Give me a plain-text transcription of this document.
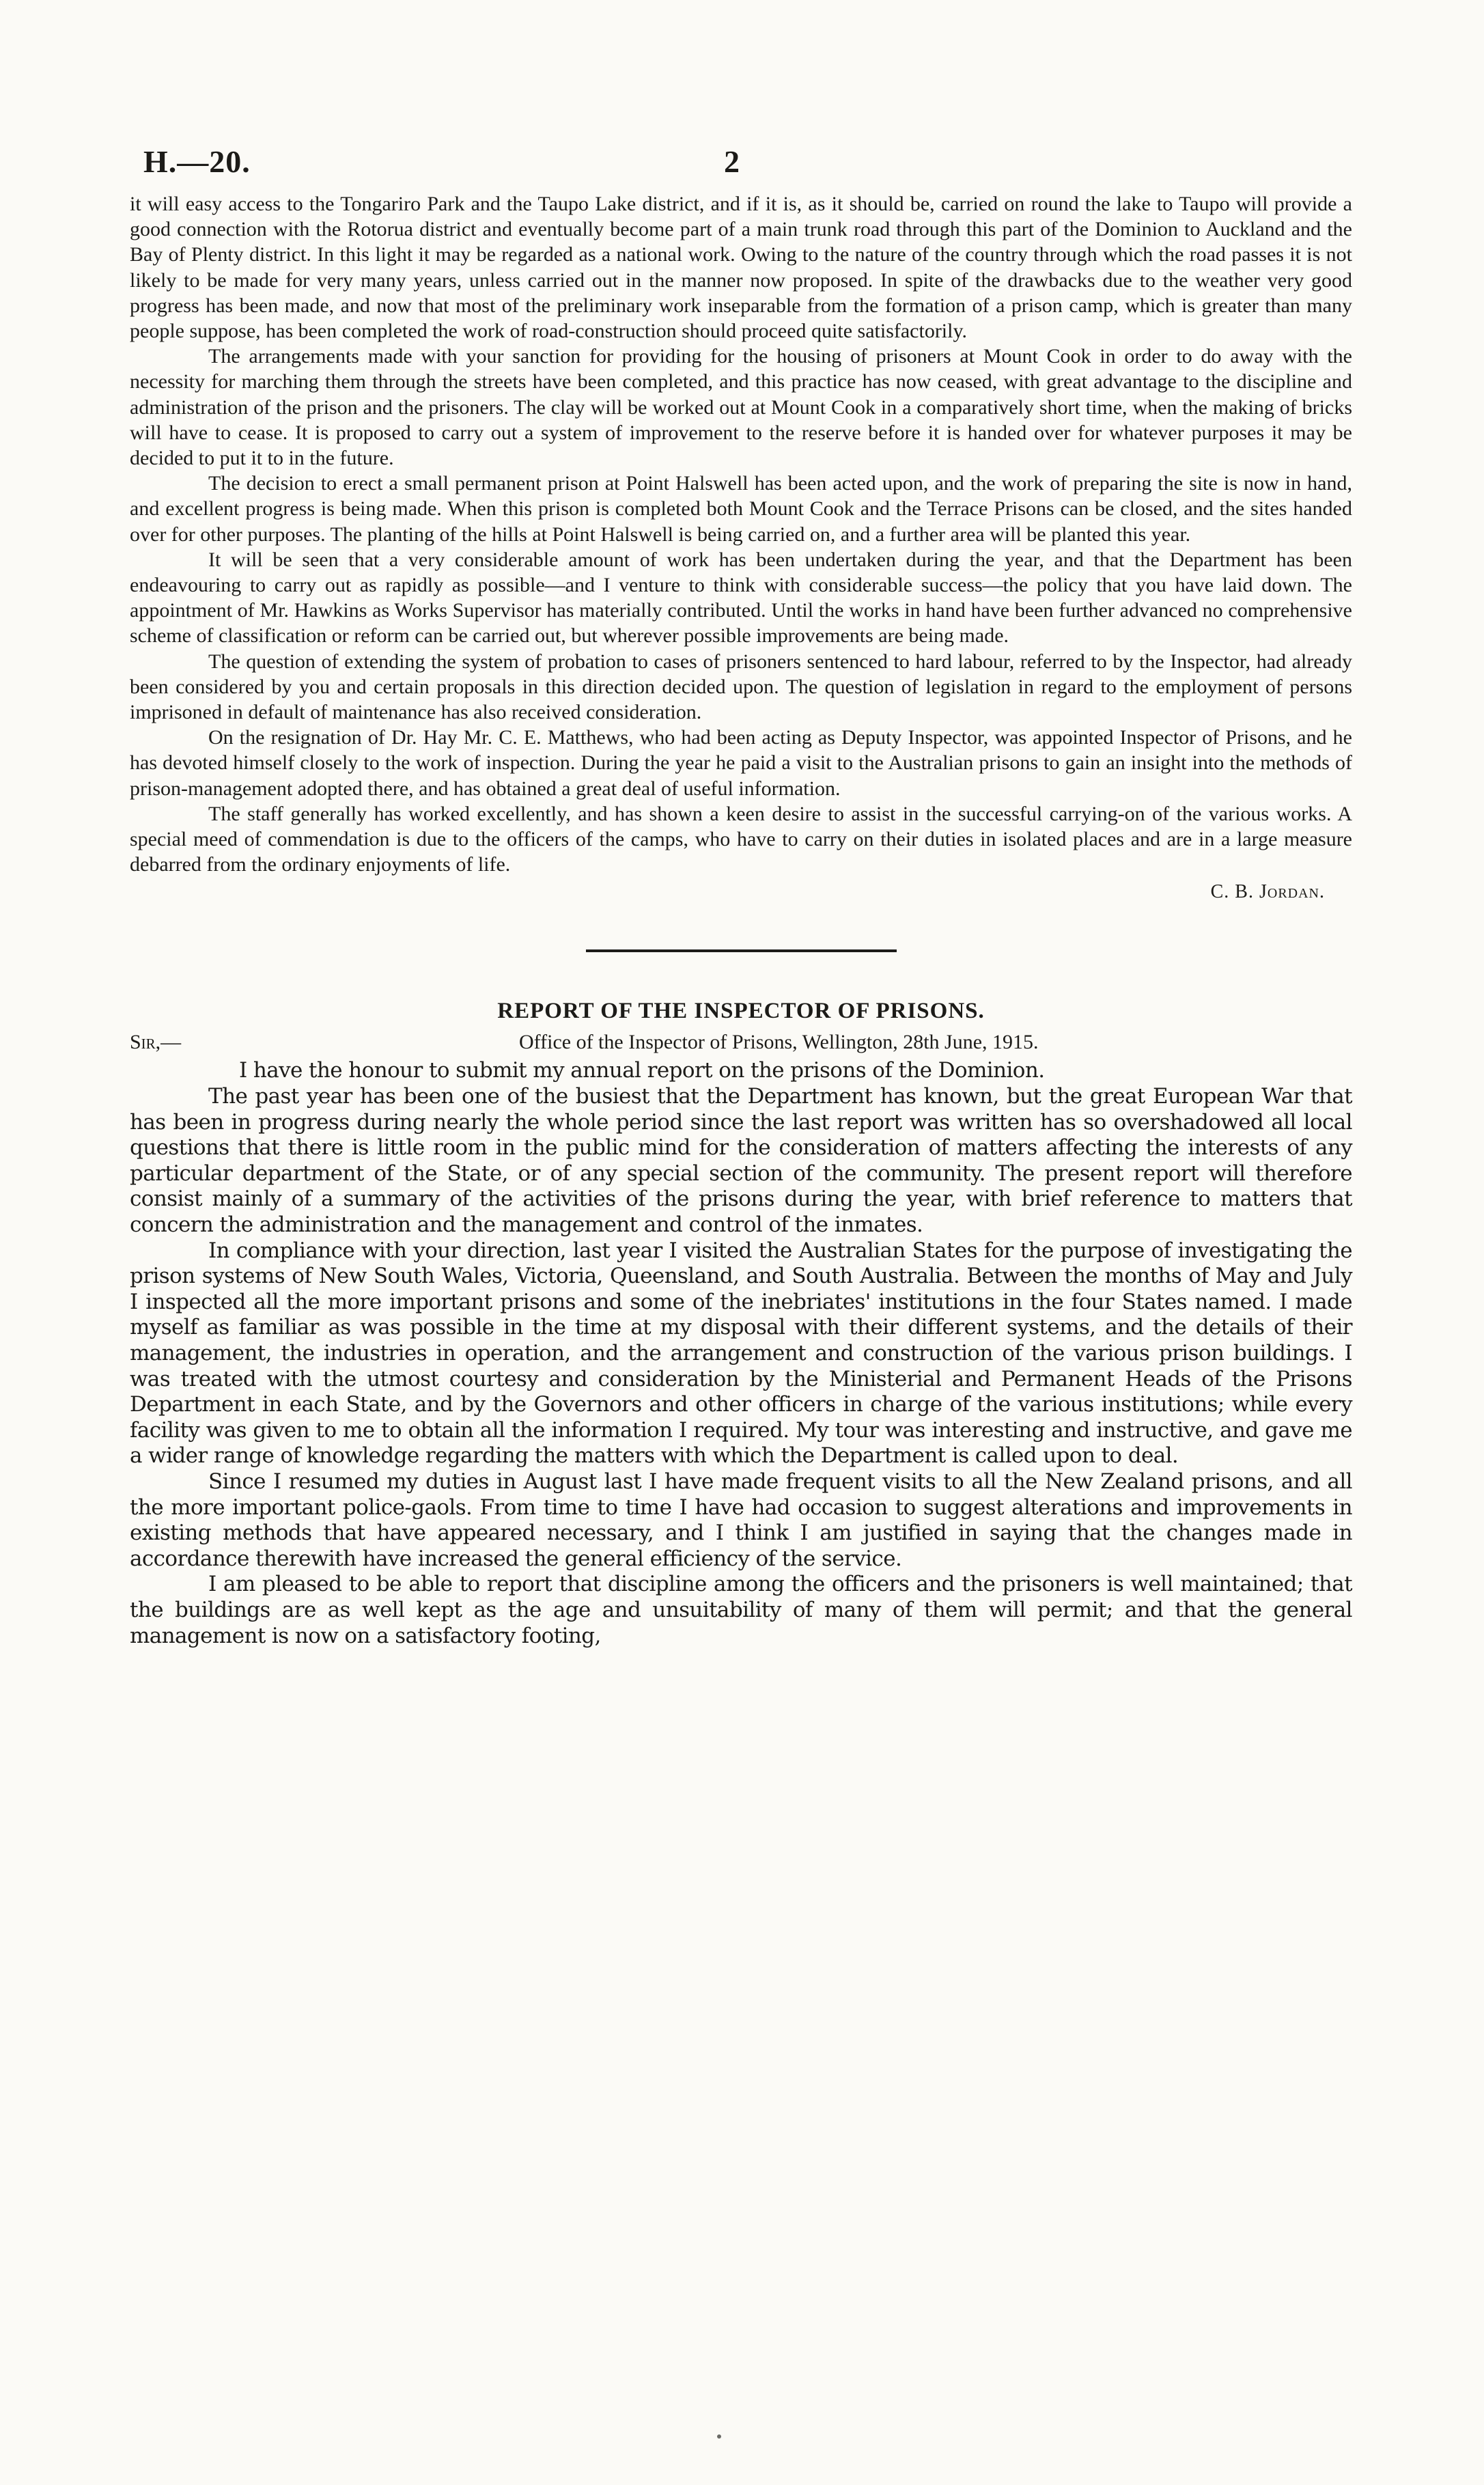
H.—20.	2

it will easy access to the Tongariro Park and the Taupo Lake district, and if it is, as it should be, carried on round the lake to Taupo will provide a good connection with the Rotorua district and eventually become part of a main trunk road through this part of the Dominion to Auckland and the Bay of Plenty district. In this light it may be regarded as a national work. Owing to the nature of the country through which the road passes it is not likely to be made for very many years, unless carried out in the manner now proposed. In spite of the drawbacks due to the weather very good progress has been made, and now that most of the preliminary work inseparable from the formation of a prison camp, which is greater than many people suppose, has been completed the work of road-construction should proceed quite satisfactorily.

The arrangements made with your sanction for providing for the housing of prisoners at Mount Cook in order to do away with the necessity for marching them through the streets have been completed, and this practice has now ceased, with great advantage to the discipline and administration of the prison and the prisoners. The clay will be worked out at Mount Cook in a comparatively short time, when the making of bricks will have to cease. It is proposed to carry out a system of improvement to the reserve before it is handed over for whatever purposes it may be decided to put it to in the future.

The decision to erect a small permanent prison at Point Halswell has been acted upon, and the work of preparing the site is now in hand, and excellent progress is being made. When this prison is completed both Mount Cook and the Terrace Prisons can be closed, and the sites handed over for other purposes. The planting of the hills at Point Halswell is being carried on, and a further area will be planted this year.

It will be seen that a very considerable amount of work has been undertaken during the year, and that the Department has been endeavouring to carry out as rapidly as possible—and I venture to think with considerable success—the policy that you have laid down. The appointment of Mr. Hawkins as Works Supervisor has materially contributed. Until the works in hand have been further advanced no comprehensive scheme of classification or reform can be carried out, but wherever possible improvements are being made.

The question of extending the system of probation to cases of prisoners sentenced to hard labour, referred to by the Inspector, had already been considered by you and certain proposals in this direction decided upon. The question of legislation in regard to the employment of persons imprisoned in default of maintenance has also received consideration.

On the resignation of Dr. Hay Mr. C. E. Matthews, who had been acting as Deputy Inspector, was appointed Inspector of Prisons, and he has devoted himself closely to the work of inspection. During the year he paid a visit to the Australian prisons to gain an insight into the methods of prison-management adopted there, and has obtained a great deal of useful information.

The staff generally has worked excellently, and has shown a keen desire to assist in the successful carrying-on of the various works. A special meed of commendation is due to the officers of the camps, who have to carry on their duties in isolated places and are in a large measure debarred from the ordinary enjoyments of life.

C. B. Jordan.
REPORT OF THE INSPECTOR OF PRISONS.
Sir,—	Office of the Inspector of Prisons, Wellington, 28th June, 1915.

I have the honour to submit my annual report on the prisons of the Dominion.

The past year has been one of the busiest that the Department has known, but the great European War that has been in progress during nearly the whole period since the last report was written has so overshadowed all local questions that there is little room in the public mind for the consideration of matters affecting the interests of any particular department of the State, or of any special section of the community. The present report will therefore consist mainly of a summary of the activities of the prisons during the year, with brief reference to matters that concern the administration and the management and control of the inmates.

In compliance with your direction, last year I visited the Australian States for the purpose of investigating the prison systems of New South Wales, Victoria, Queensland, and South Australia. Between the months of May and July I inspected all the more important prisons and some of the inebriates' institutions in the four States named. I made myself as familiar as was possible in the time at my disposal with their different systems, and the details of their management, the industries in operation, and the arrangement and construction of the various prison buildings. I was treated with the utmost courtesy and consideration by the Ministerial and Permanent Heads of the Prisons Department in each State, and by the Governors and other officers in charge of the various institutions; while every facility was given to me to obtain all the information I required. My tour was interesting and instructive, and gave me a wider range of knowledge regarding the matters with which the Department is called upon to deal.

Since I resumed my duties in August last I have made frequent visits to all the New Zealand prisons, and all the more important police-gaols. From time to time I have had occasion to suggest alterations and improvements in existing methods that have appeared necessary, and I think I am justified in saying that the changes made in accordance therewith have increased the general efficiency of the service.

I am pleased to be able to report that discipline among the officers and the prisoners is well maintained; that the buildings are as well kept as the age and unsuitability of many of them will permit; and that the general management is now on a satisfactory footing,
